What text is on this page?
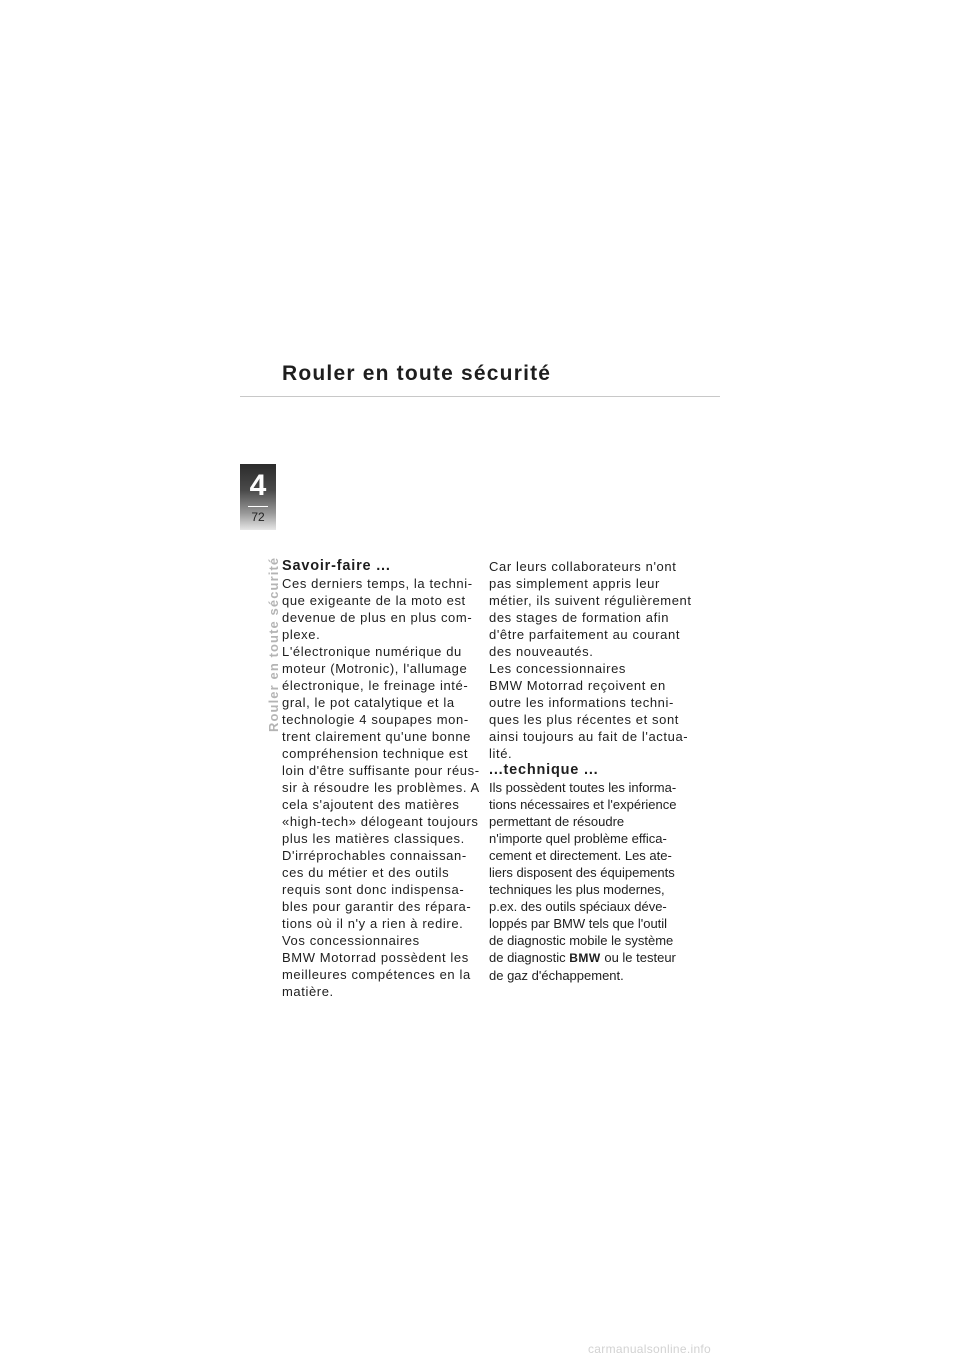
Rouler en toute sécurité
4
72
Rouler en toute sécurité Savoir-faire ...

Ces derniers temps, la techni-
que exigeante de la moto est
devenue de plus en plus com-
plexe.
L'électronique numérique du
moteur (Motronic), l'allumage
électronique, le freinage inté-
gral, le pot catalytique et la
technologie 4 soupapes mon-
trent clairement qu'une bonne
compréhension technique est
loin d'être suffisante pour réus-
sir à résoudre les problèmes. A
cela s'ajoutent des matières
«high-tech» délogeant toujours
plus les matières classiques.
D'irréprochables connaissan-
ces du métier et des outils
requis sont donc indispensa-
bles pour garantir des répara-
tions où il n'y a rien à redire.
Vos concessionnaires
BMW Motorrad possèdent les
meilleures compétences en la
matière.
Car leurs collaborateurs n'ont
pas simplement appris leur
métier, ils suivent régulièrement
des stages de formation afin
d'être parfaitement au courant
des nouveautés.
Les concessionnaires
BMW Motorrad reçoivent en
outre les informations techni-
ques les plus récentes et sont
ainsi toujours au fait de l'actua-
lité.

...technique ...

Ils possèdent toutes les informa-
tions nécessaires et l'expérience
permettant de résoudre
n'importe quel problème effica-
cement et directement. Les ate-
liers disposent des équipements
techniques les plus modernes,
p.ex. des outils spéciaux déve-
loppés par BMW tels que l'outil
de diagnostic mobile le système
de diagnostic BMW ou le testeur
de gaz d'échappement.
carmanualsonline.info
